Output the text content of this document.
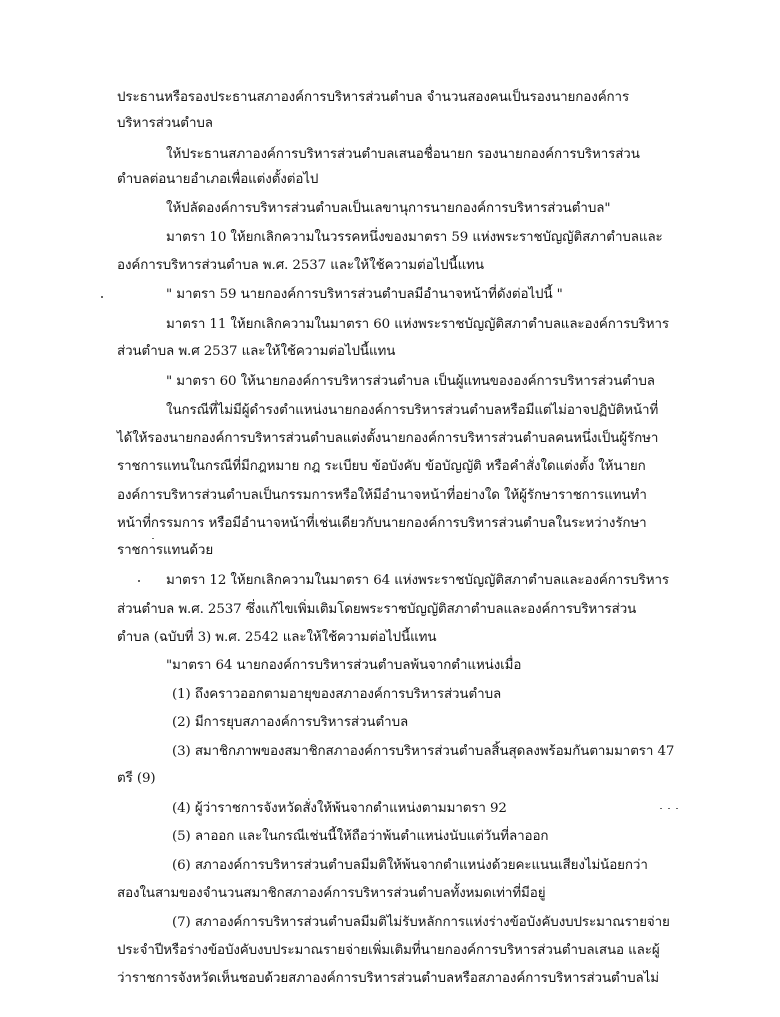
ประธานหรือรองประธานสภาองค์การบริหารส่วนตำบล จำนวนสองคนเป็นรองนายกองค์การ
บริหารส่วนตำบล
ให้ประธานสภาองค์การบริหารส่วนตำบลเสนอชื่อนายก รองนายกองค์การบริหารส่วน
ตำบลต่อนายอำเภอเพื่อแต่งตั้งต่อไป
ให้ปลัดองค์การบริหารส่วนตำบลเป็นเลขานุการนายกองค์การบริหารส่วนตำบล"
มาตรา 10 ให้ยกเลิกความในวรรคหนึ่งของมาตรา 59 แห่งพระราชบัญญัติสภาตำบลและ
องค์การบริหารส่วนตำบล พ.ศ. 2537 และให้ใช้ความต่อไปนี้แทน
" มาตรา 59 นายกองค์การบริหารส่วนตำบลมีอำนาจหน้าที่ดังต่อไปนี้ "
มาตรา 11 ให้ยกเลิกความในมาตรา 60 แห่งพระราชบัญญัติสภาตำบลและองค์การบริหาร
ส่วนตำบล พ.ศ 2537 และให้ใช้ความต่อไปนี้แทน
" มาตรา 60 ให้นายกองค์การบริหารส่วนตำบล เป็นผู้แทนขององค์การบริหารส่วนตำบล
ในกรณีที่ไม่มีผู้ดำรงตำแหน่งนายกองค์การบริหารส่วนตำบลหรือมีแต่ไม่อาจปฏิบัติหน้าที่
ได้ให้รองนายกองค์การบริหารส่วนตำบลแต่งตั้งนายกองค์การบริหารส่วนตำบลคนหนึ่งเป็นผู้รักษา
ราชการแทนในกรณีที่มีกฎหมาย กฎ ระเบียบ ข้อบังคับ ข้อบัญญัติ หรือคำสั่งใดแต่งตั้ง ให้นายก
องค์การบริหารส่วนตำบลเป็นกรรมการหรือให้มีอำนาจหน้าที่อย่างใด ให้ผู้รักษาราชการแทนทำ
หน้าที่กรรมการ หรือมีอำนาจหน้าที่เช่นเดียวกับนายกองค์การบริหารส่วนตำบลในระหว่างรักษา
ราชการแทนด้วย
มาตรา 12 ให้ยกเลิกความในมาตรา 64 แห่งพระราชบัญญัติสภาตำบลและองค์การบริหาร
ส่วนตำบล พ.ศ. 2537 ซึ่งแก้ไขเพิ่มเติมโดยพระราชบัญญัติสภาตำบลและองค์การบริหารส่วน
ตำบล (ฉบับที่ 3) พ.ศ. 2542 และให้ใช้ความต่อไปนี้แทน
"มาตรา 64 นายกองค์การบริหารส่วนตำบลพ้นจากตำแหน่งเมื่อ
(1) ถึงคราวออกตามอายุของสภาองค์การบริหารส่วนตำบล
(2) มีการยุบสภาองค์การบริหารส่วนตำบล
(3) สมาชิกภาพของสมาชิกสภาองค์การบริหารส่วนตำบลสิ้นสุดลงพร้อมกันตามมาตรา 47
ตรี (9)
(4) ผู้ว่าราชการจังหวัดสั่งให้พ้นจากตำแหน่งตามมาตรา 92
(5) ลาออก และในกรณีเช่นนี้ให้ถือว่าพ้นตำแหน่งนับแต่วันที่ลาออก
(6) สภาองค์การบริหารส่วนตำบลมีมติให้พ้นจากตำแหน่งด้วยคะแนนเสียงไม่น้อยกว่า
สองในสามของจำนวนสมาชิกสภาองค์การบริหารส่วนตำบลทั้งหมดเท่าที่มีอยู่
(7) สภาองค์การบริหารส่วนตำบลมีมติไม่รับหลักการแห่งร่างข้อบังคับงบประมาณรายจ่าย
ประจำปีหรือร่างข้อบังคับงบประมาณรายจ่ายเพิ่มเติมที่นายกองค์การบริหารส่วนตำบลเสนอ และผู้
ว่าราชการจังหวัดเห็นชอบด้วยสภาองค์การบริหารส่วนตำบลหรือสภาองค์การบริหารส่วนตำบลไม่
